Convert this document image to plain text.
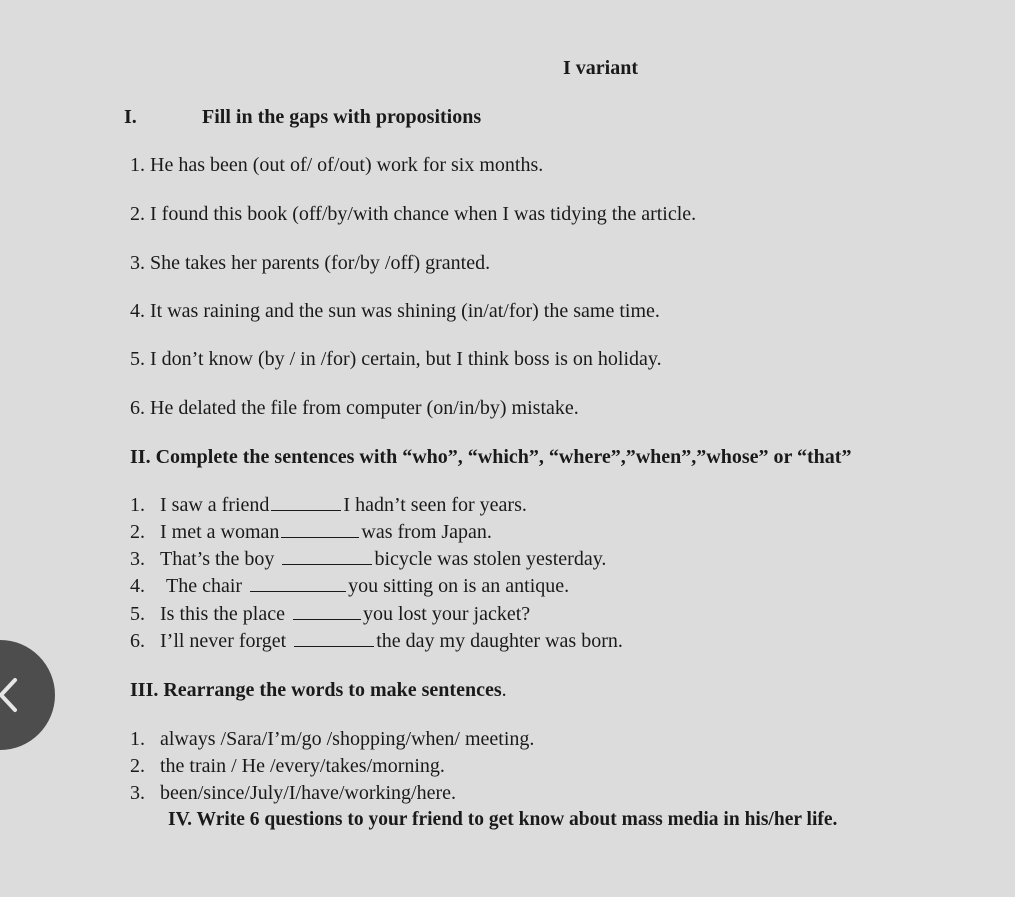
I variant
I.	Fill in the gaps with propositions
1. He has been (out of/ of/out) work for six months.
2. I found this book (off/by/with chance when I was tidying the article.
3. She takes her parents (for/by /off) granted.
4. It was raining and the sun was shining (in/at/for) the same time.
5. I don’t know (by / in /for) certain, but I think boss is on holiday.
6. He delated the file from computer (on/in/by) mistake.
II. Complete the sentences with “who”, “which”, “where”,”when”,”whose” or “that”
1. I saw a friend	I hadn’t seen for years.
2. I met a woman	was from Japan.
3. That’s the boy	bicycle was stolen yesterday.
4. The chair	you sitting on is an antique.
5. Is this the place	you lost your jacket?
6. I’ll never forget	the day my daughter was born.
III. Rearrange the words to make sentences.
1. always /Sara/I’m/go /shopping/when/ meeting.
2. the train / He /every/takes/morning.
3. been/since/July/I/have/working/here.
IV. Write 6 questions to your friend to get know about mass media in his/her life.
